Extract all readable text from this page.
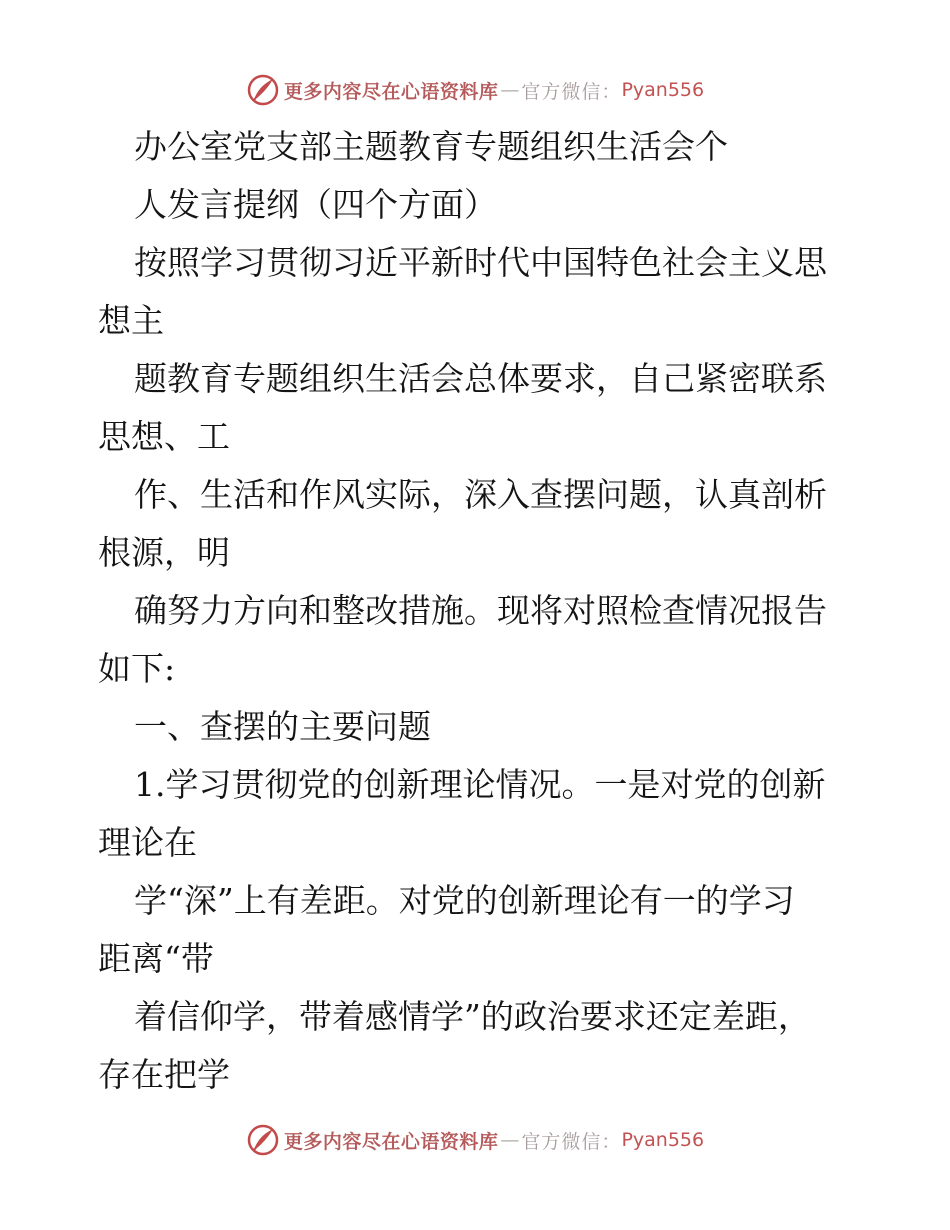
更多内容尽在心语资料库 — 官方微信： Pyan556
办公室党支部主题教育专题组织生活会个
人发言提纲（四个方面）
按照学习贯彻习近平新时代中国特色社会主义思
想主
题教育专题组织生活会总体要求，自己紧密联系
思想、工
作、生活和作风实际，深入查摆问题，认真剖析
根源，明
确努力方向和整改措施。现将对照检查情况报告
如下:
一、查摆的主要问题
1.学习贯彻党的创新理论情况。一是对党的创新
理论在
学“深”上有差距。对党的创新理论有一的学习
距离“带
着信仰学，带着感情学”的政治要求还定差距，
存在把学
更多内容尽在心语资料库 — 官方微信： Pyan556
